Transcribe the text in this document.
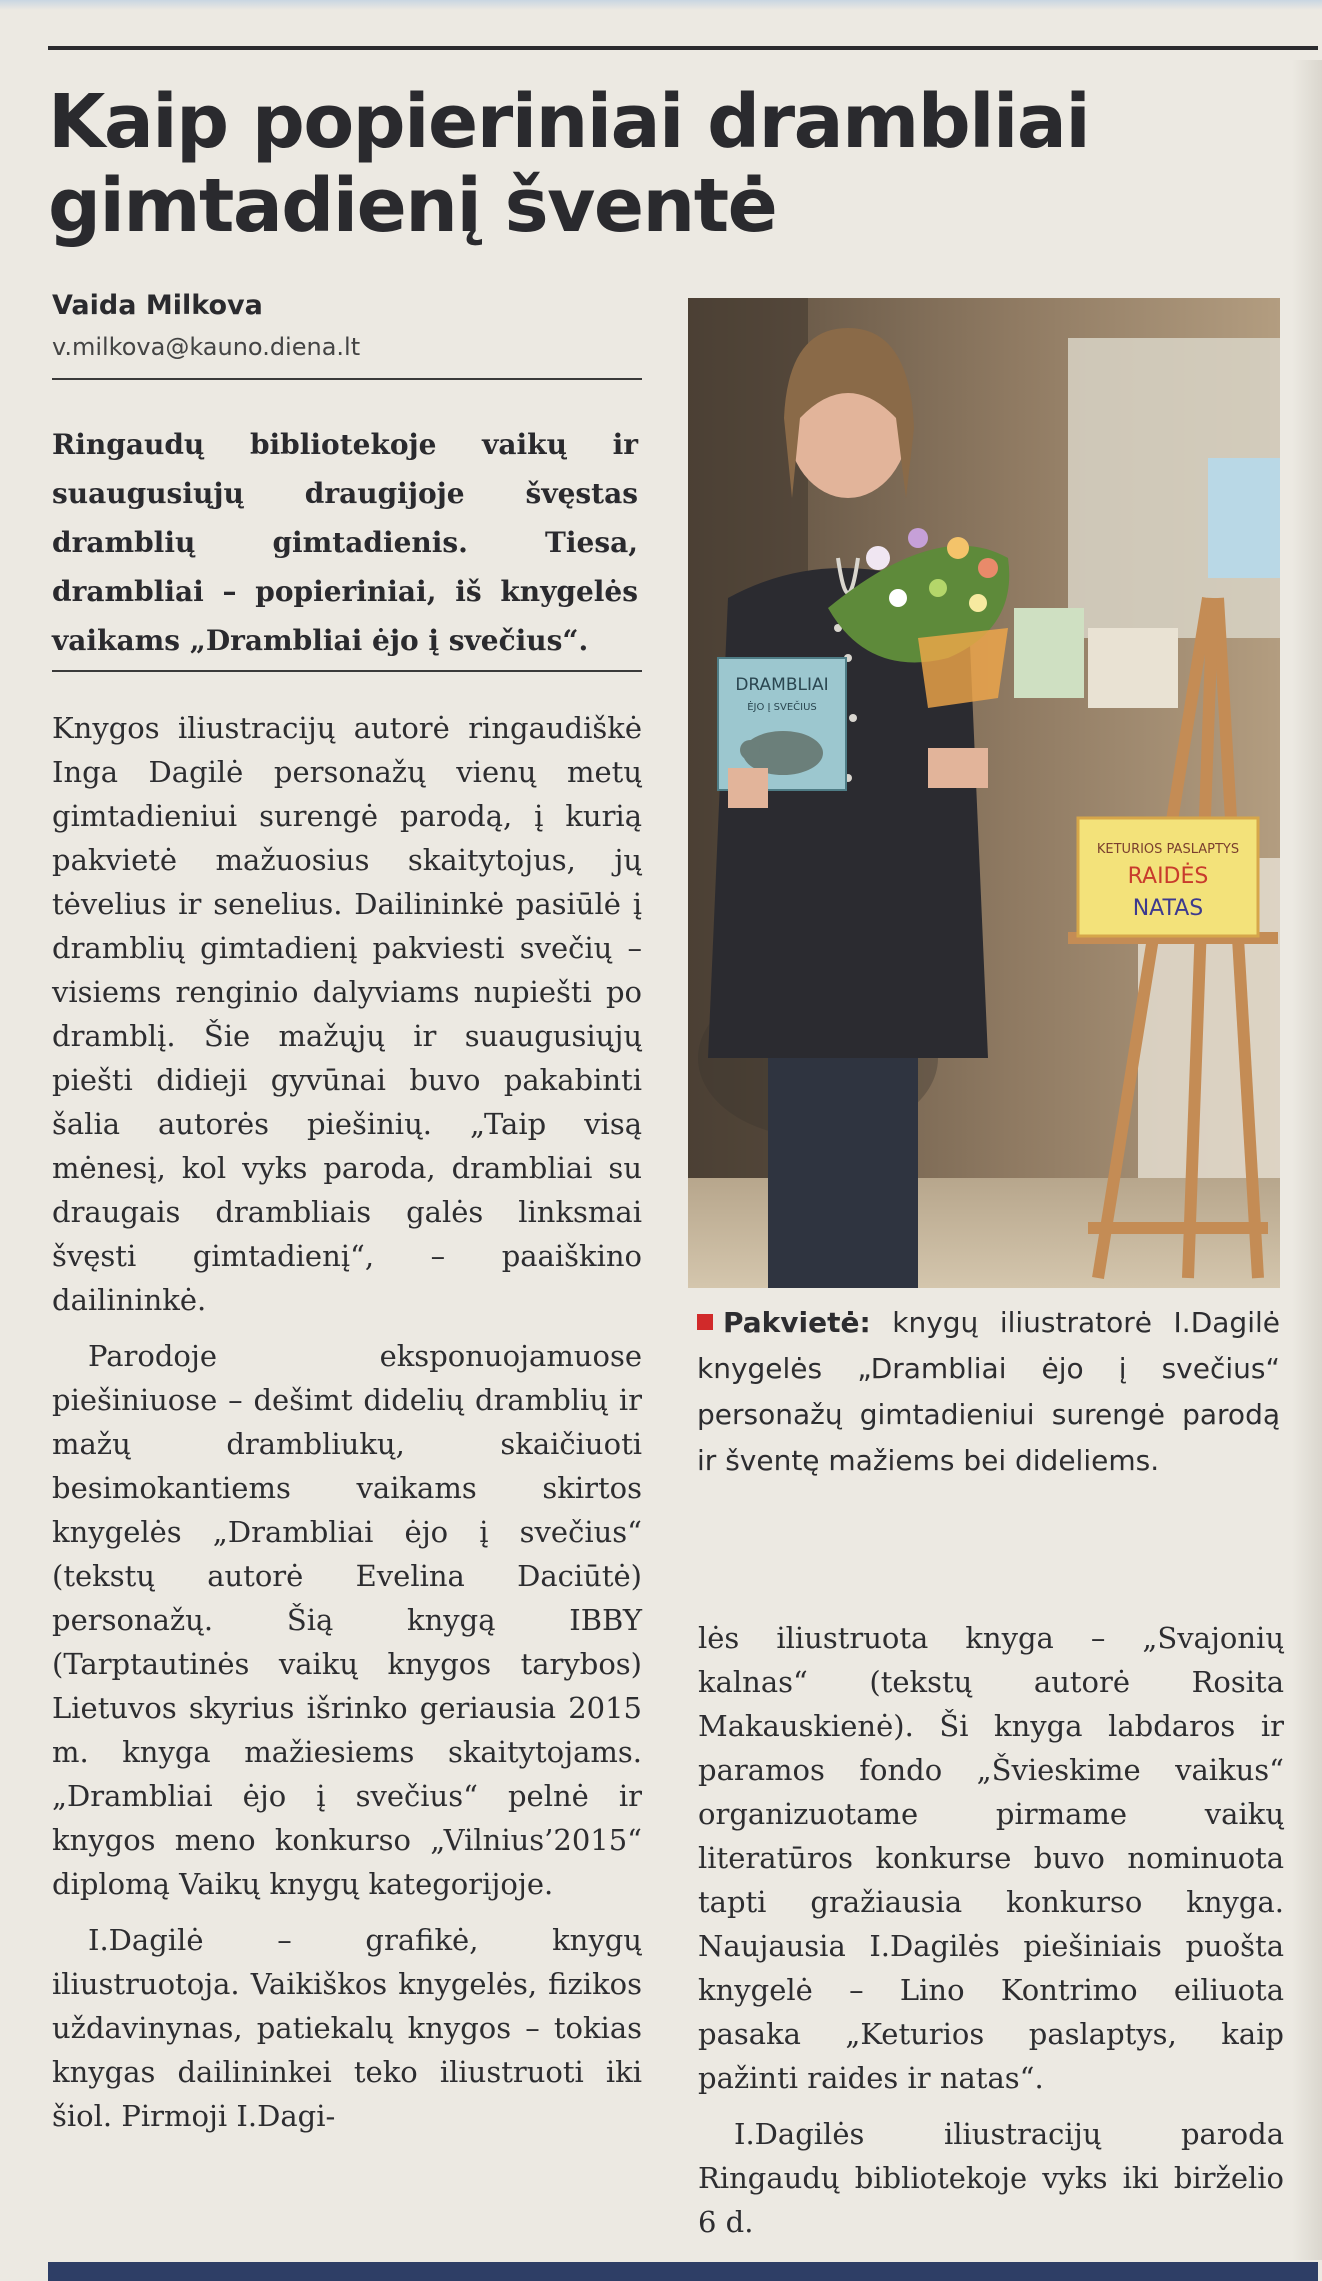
Kaip popieriniai drambliai gimtadienį šventė
Vaida Milkova
v.milkova@kauno.diena.lt

Ringaudų bibliotekoje vaikų ir suaugusiųjų draugijoje švęstas dramblių gimtadienis. Tiesa, drambliai – popieriniai, iš knygelės vaikams „Drambliai ėjo į svečius“.

Knygos iliustracijų autorė ringaudiškė Inga Dagilė personažų vienų metų gimtadieniui surengė parodą, į kurią pakvietė mažuosius skaitytojus, jų tėvelius ir senelius. Dailininkė pasiūlė į dramblių gimtadienį pakviesti svečių – visiems renginio dalyviams nupiešti po dramblį. Šie mažųjų ir suaugusiųjų piešti didieji gyvūnai buvo pakabinti šalia autorės piešinių. „Taip visą mėnesį, kol vyks paroda, drambliai su draugais drambliais galės linksmai švęsti gimtadienį“, – paaiškino dailininkė.

Parodoje eksponuojamuose piešiniuose – dešimt didelių dramblių ir mažų drambliukų, skaičiuoti besimokantiems vaikams skirtos knygelės „Drambliai ėjo į svečius“ (tekstų autorė Evelina Daciūtė) personažų. Šią knygą IBBY (Tarptautinės vaikų knygos tarybos) Lietuvos skyrius išrinko geriausia 2015 m. knyga mažiesiems skaitytojams. „Drambliai ėjo į svečius“ pelnė ir knygos meno konkurso „Vilnius’2015“ diplomą Vaikų knygų kategorijoje.

I.Dagilė – grafikė, knygų iliustruotoja. Vaikiškos knygelės, fizikos uždavinynas, patiekalų knygos – tokias knygas dailininkei teko iliustruoti iki šiol. Pirmoji I.Dagi-

KETURIOS PASLAPTYS
RAIDĖS
NATAS
DRAMBLIAI
ĖJO Į SVEČIUS

Pakvietė: knygų iliustratorė I.Dagilė knygelės „Drambliai ėjo į svečius“ personažų gimtadieniui surengė parodą ir šventę mažiems bei dideliems.

lės iliustruota knyga – „Svajonių kalnas“ (tekstų autorė Rosita Makauskienė). Ši knyga labdaros ir paramos fondo „Švieskime vaikus“ organizuotame pirmame vaikų literatūros konkurse buvo nominuota tapti gražiausia konkurso knyga. Naujausia I.Dagilės piešiniais puošta knygelė – Lino Kontrimo eiliuota pasaka „Keturios paslaptys, kaip pažinti raides ir natas“.

I.Dagilės iliustracijų paroda Ringaudų bibliotekoje vyks iki birželio 6 d.
